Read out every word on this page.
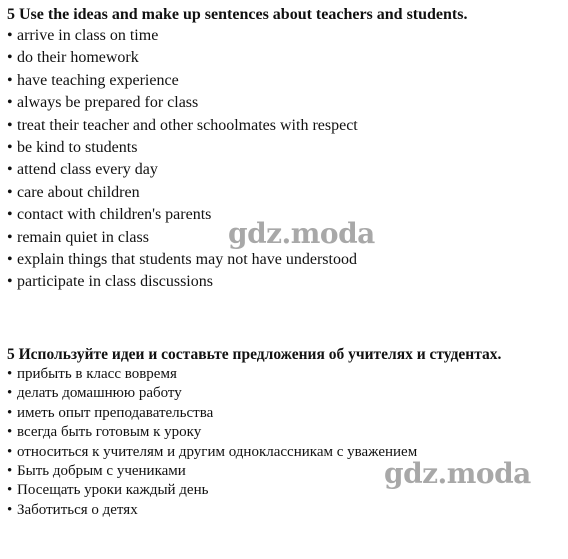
5 Use the ideas and make up sentences about teachers and students.

• arrive in class on time
• do their homework
• have teaching experience
• always be prepared for class
• treat their teacher and other schoolmates with respect
• be kind to students
• attend class every day
• care about children
• contact with children's parents
• remain quiet in class
• explain things that students may not have understood
• participate in class discussions

5 Используйте идеи и составьте предложения об учителях и студентах.

• прибыть в класс вовремя
• делать домашнюю работу
• иметь опыт преподавательства
• всегда быть готовым к уроку
• относиться к учителям и другим одноклассникам с уважением
• Быть добрым с учениками
• Посещать уроки каждый день
• Заботиться о детях
gdz.moda
gdz.moda
